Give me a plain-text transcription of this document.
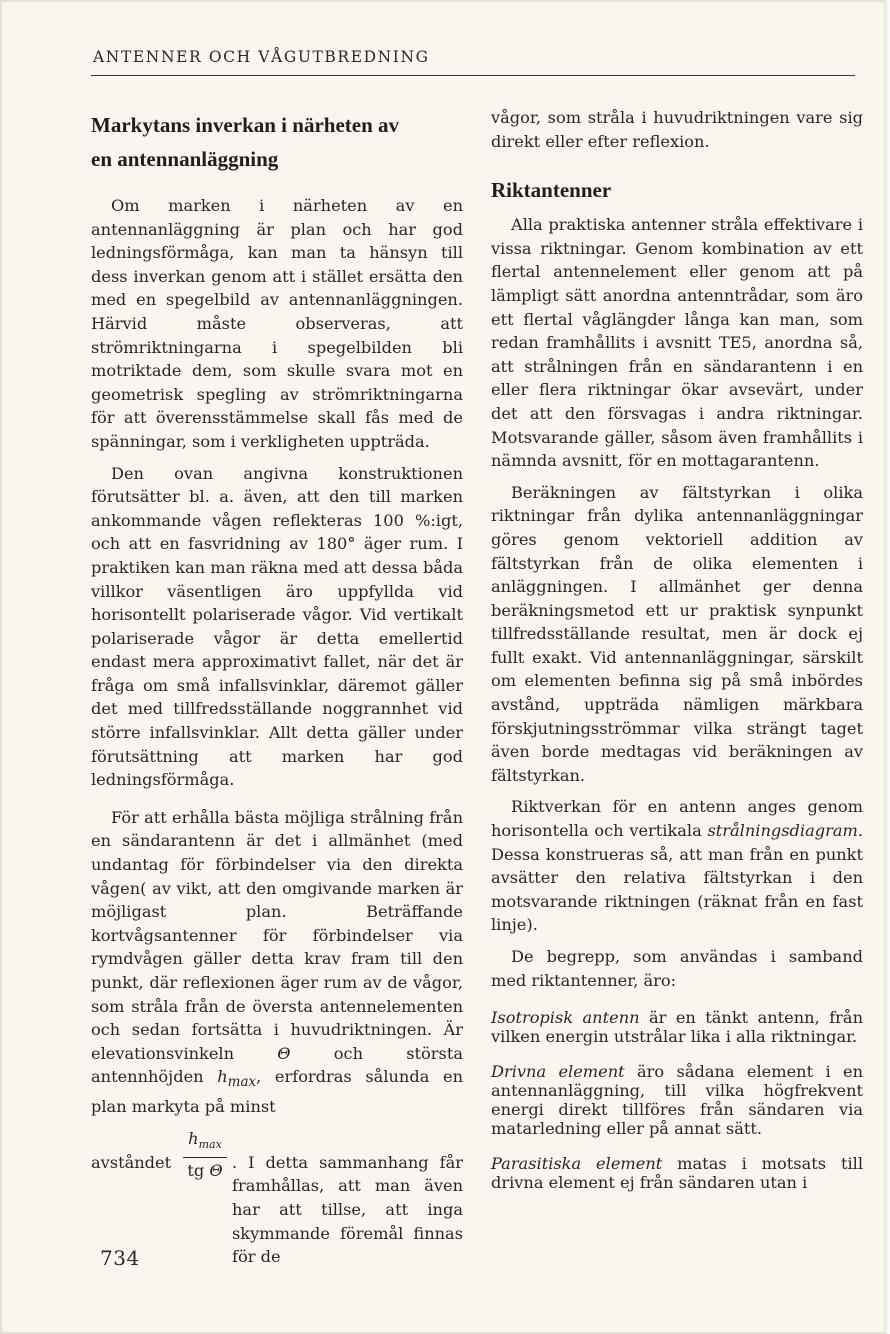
ANTENNER OCH VÅGUTBREDNING
Markytans inverkan i närheten av
en antennanläggning

Om marken i närheten av en antennanläggning är plan och har god ledningsförmåga, kan man ta hänsyn till dess inverkan genom att i stället ersätta den med en spegelbild av antennanläggningen. Härvid måste observeras, att strömriktningarna i spegelbilden bli motriktade dem, som skulle svara mot en geometrisk spegling av strömriktningarna för att överensstämmelse skall fås med de spänningar, som i verkligheten uppträda.

Den ovan angivna konstruktionen förutsätter bl. a. även, att den till marken ankommande vågen reflekteras 100 %:igt, och att en fasvridning av 180° äger rum. I praktiken kan man räkna med att dessa båda villkor väsentligen äro uppfyllda vid horisontellt polariserade vågor. Vid vertikalt polariserade vågor är detta emellertid endast mera approximativt fallet, när det är fråga om små infallsvinklar, däremot gäller det med tillfredsställande noggrannhet vid större infallsvinklar. Allt detta gäller under förutsättning att marken har god ledningsförmåga.

För att erhålla bästa möjliga strålning från en sändarantenn är det i allmänhet (med undantag för förbindelser via den direkta vågen( av vikt, att den omgivande marken är möjligast plan. Beträffande kortvågsantenner för förbindelser via rymdvågen gäller detta krav fram till den punkt, där reflexionen äger rum av de vågor, som stråla från de översta antennelementen och sedan fortsätta i huvudriktningen. Är elevationsvinkeln Θ och största antennhöjden $h_{max}$, erfordras sålunda en plan markyta på minst

avståndet
$h_{max}$
tg Θ . I detta sammanhang får framhållas, att man även har att tillse, att inga skymmande föremål finnas för de

vågor, som stråla i huvudriktningen vare sig direkt eller efter reflexion.

Riktantenner

Alla praktiska antenner stråla effektivare i vissa riktningar. Genom kombination av ett flertal antennelement eller genom att på lämpligt sätt anordna antenntrådar, som äro ett flertal våglängder långa kan man, som redan framhållits i avsnitt TE5, anordna så, att strålningen från en sändarantenn i en eller flera riktningar ökar avsevärt, under det att den försvagas i andra riktningar. Motsvarande gäller, såsom även framhållits i nämnda avsnitt, för en mottagarantenn.

Beräkningen av fältstyrkan i olika riktningar från dylika antennanläggningar göres genom vektoriell addition av fältstyrkan från de olika elementen i anläggningen. I allmänhet ger denna beräkningsmetod ett ur praktisk synpunkt tillfredsställande resultat, men är dock ej fullt exakt. Vid antennanläggningar, särskilt om elementen befinna sig på små inbördes avstånd, uppträda nämligen märkbara förskjutningsströmmar vilka strängt taget även borde medtagas vid beräkningen av fältstyrkan.

Riktverkan för en antenn anges genom horisontella och vertikala strålningsdiagram. Dessa konstrueras så, att man från en punkt avsätter den relativa fältstyrkan i den motsvarande riktningen (räknat från en fast linje).

De begrepp, som användas i samband med riktantenner, äro:

Isotropisk antenn är en tänkt antenn, från vilken energin utstrålar lika i alla riktningar.

Drivna element äro sådana element i en antennanläggning, till vilka högfrekvent energi direkt tillföres från sändaren via matarledning eller på annat sätt.

Parasitiska element matas i motsats till drivna element ej från sändaren utan i

734
